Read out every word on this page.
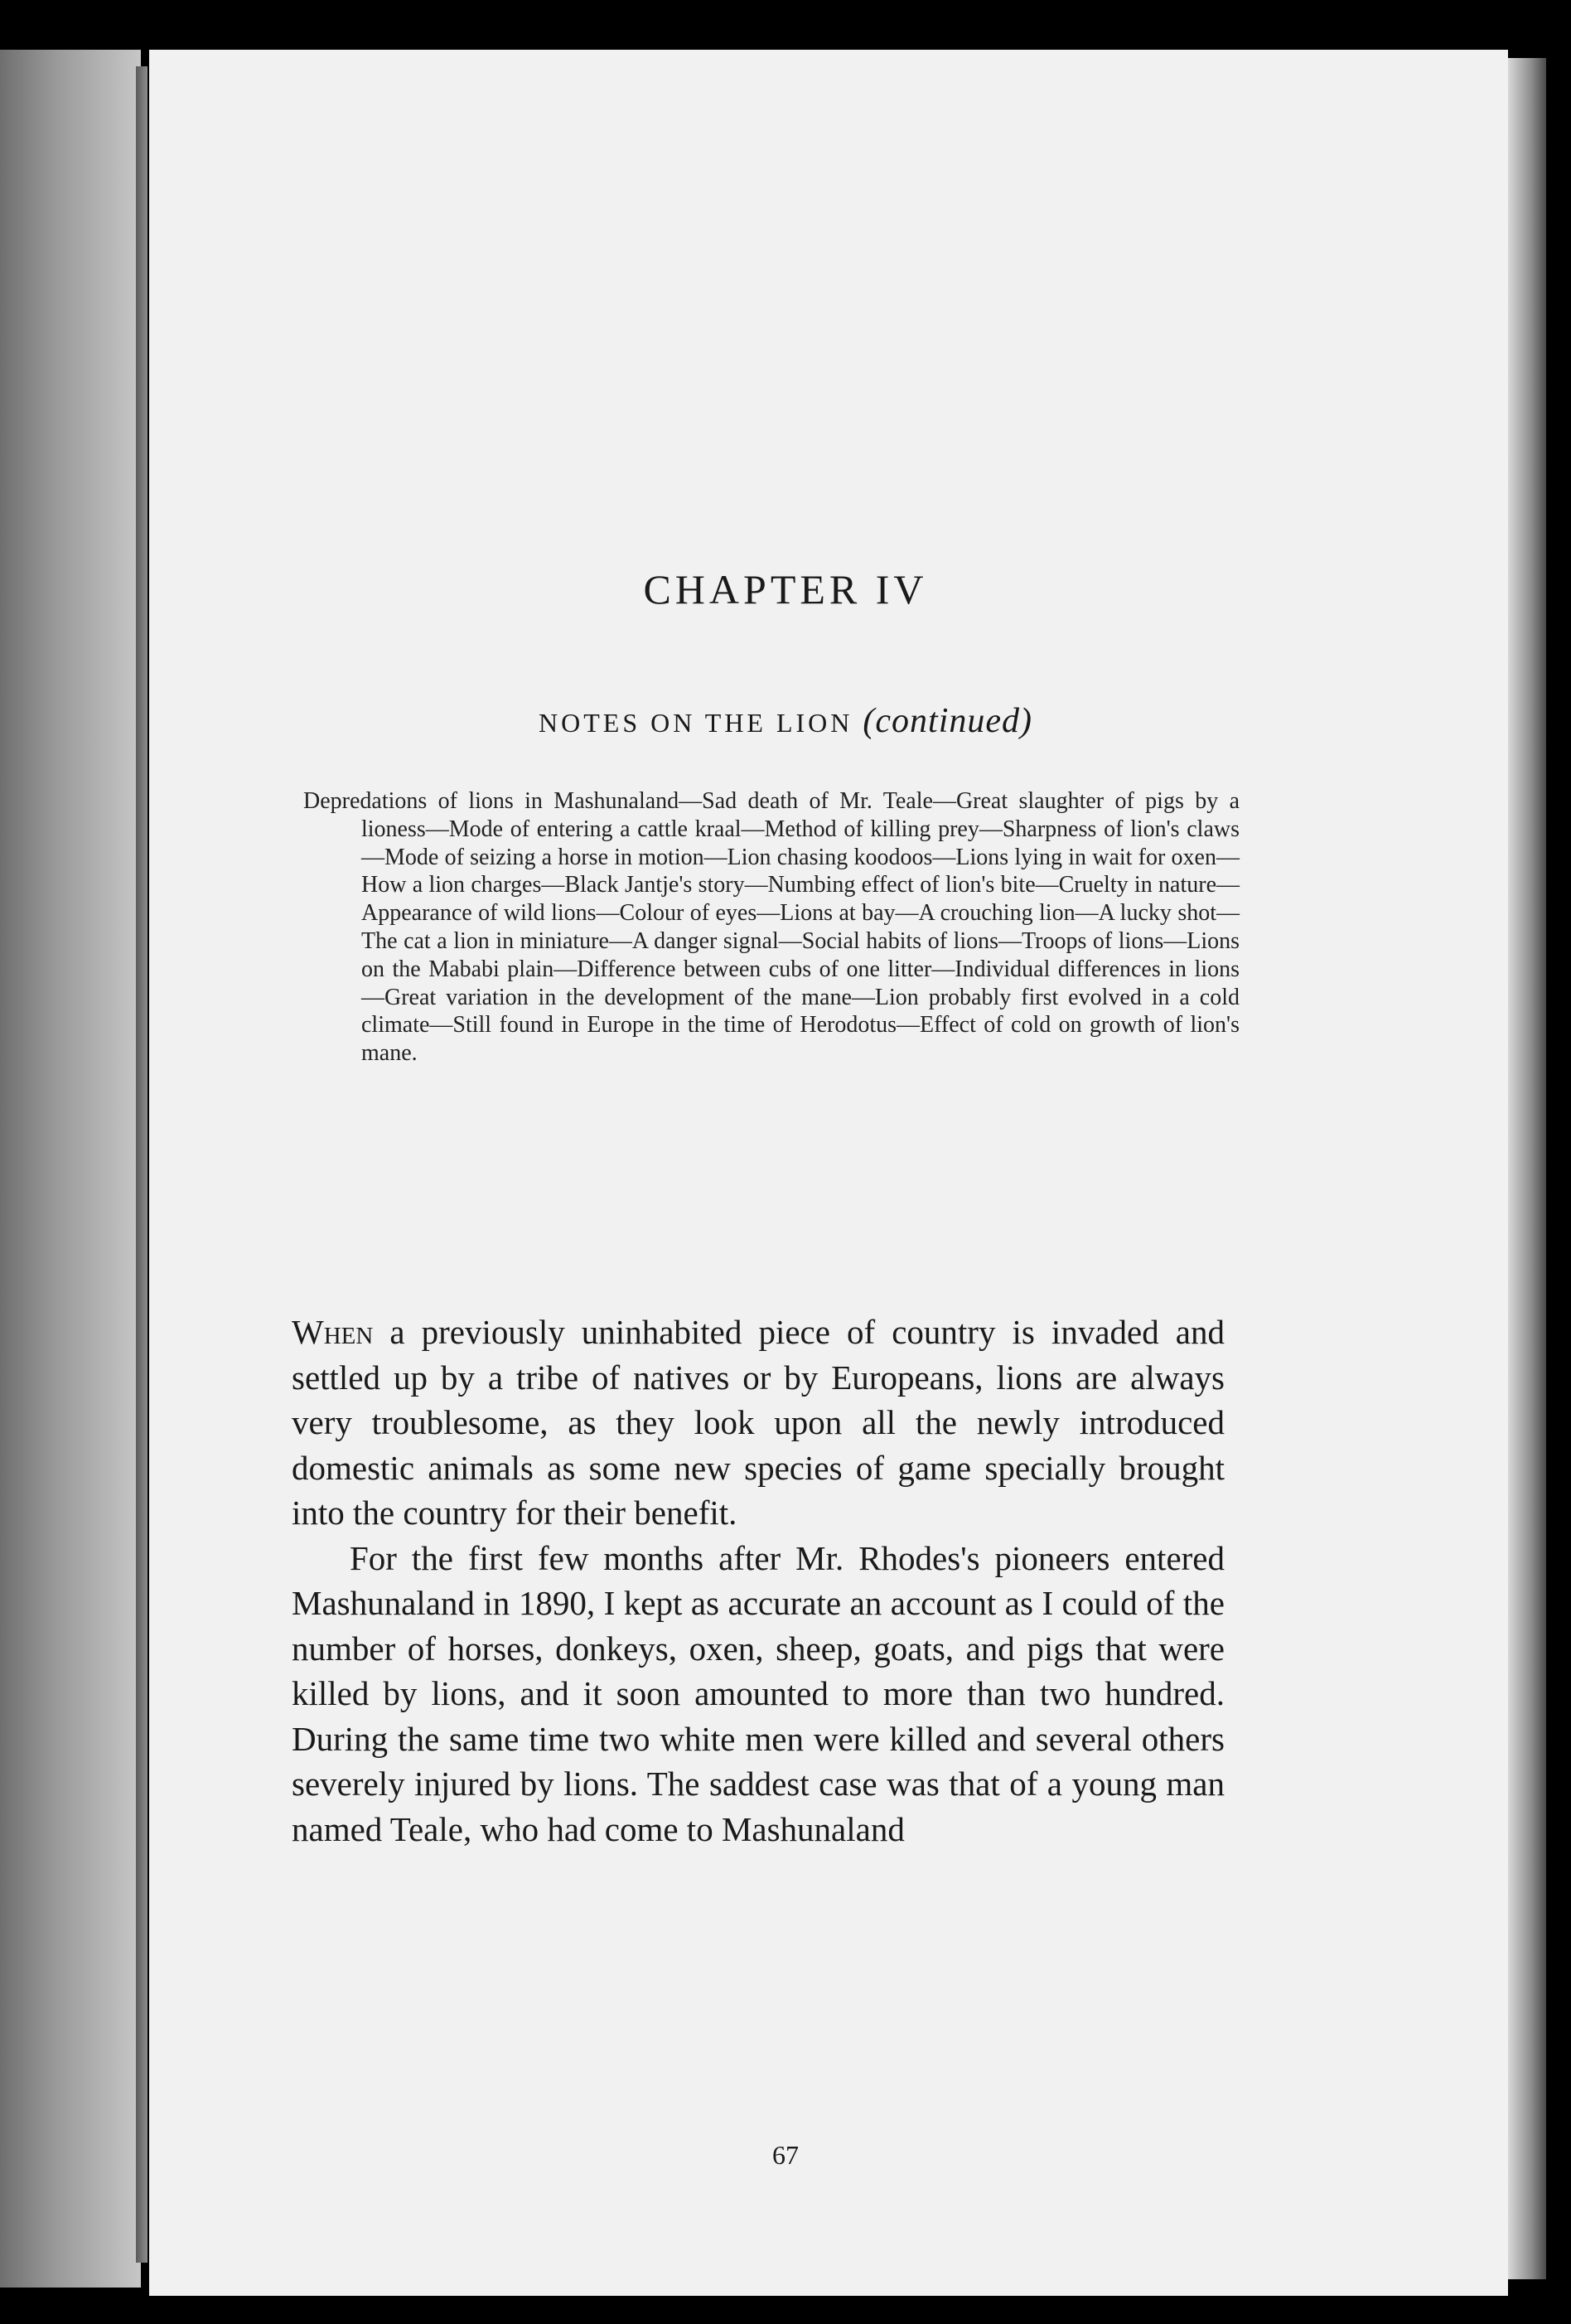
CHAPTER IV
NOTES ON THE LION (continued)
Depredations of lions in Mashunaland—Sad death of Mr. Teale—Great slaughter of pigs by a lioness—Mode of entering a cattle kraal—Method of killing prey—Sharpness of lion's claws—Mode of seizing a horse in motion—Lion chasing koodoos—Lions lying in wait for oxen—How a lion charges—Black Jantje's story—Numbing effect of lion's bite—Cruelty in nature—Appearance of wild lions—Colour of eyes—Lions at bay—A crouching lion—A lucky shot—The cat a lion in miniature—A danger signal—Social habits of lions—Troops of lions—Lions on the Mababi plain—Difference between cubs of one litter—Individual differences in lions—Great variation in the development of the mane—Lion probably first evolved in a cold climate—Still found in Europe in the time of Herodotus—Effect of cold on growth of lion's mane.

When a previously uninhabited piece of country is invaded and settled up by a tribe of natives or by Europeans, lions are always very troublesome, as they look upon all the newly introduced domestic animals as some new species of game specially brought into the country for their benefit.

For the first few months after Mr. Rhodes's pioneers entered Mashunaland in 1890, I kept as accurate an account as I could of the number of horses, donkeys, oxen, sheep, goats, and pigs that were killed by lions, and it soon amounted to more than two hundred. During the same time two white men were killed and several others severely injured by lions. The saddest case was that of a young man named Teale, who had come to Mashunaland

67
